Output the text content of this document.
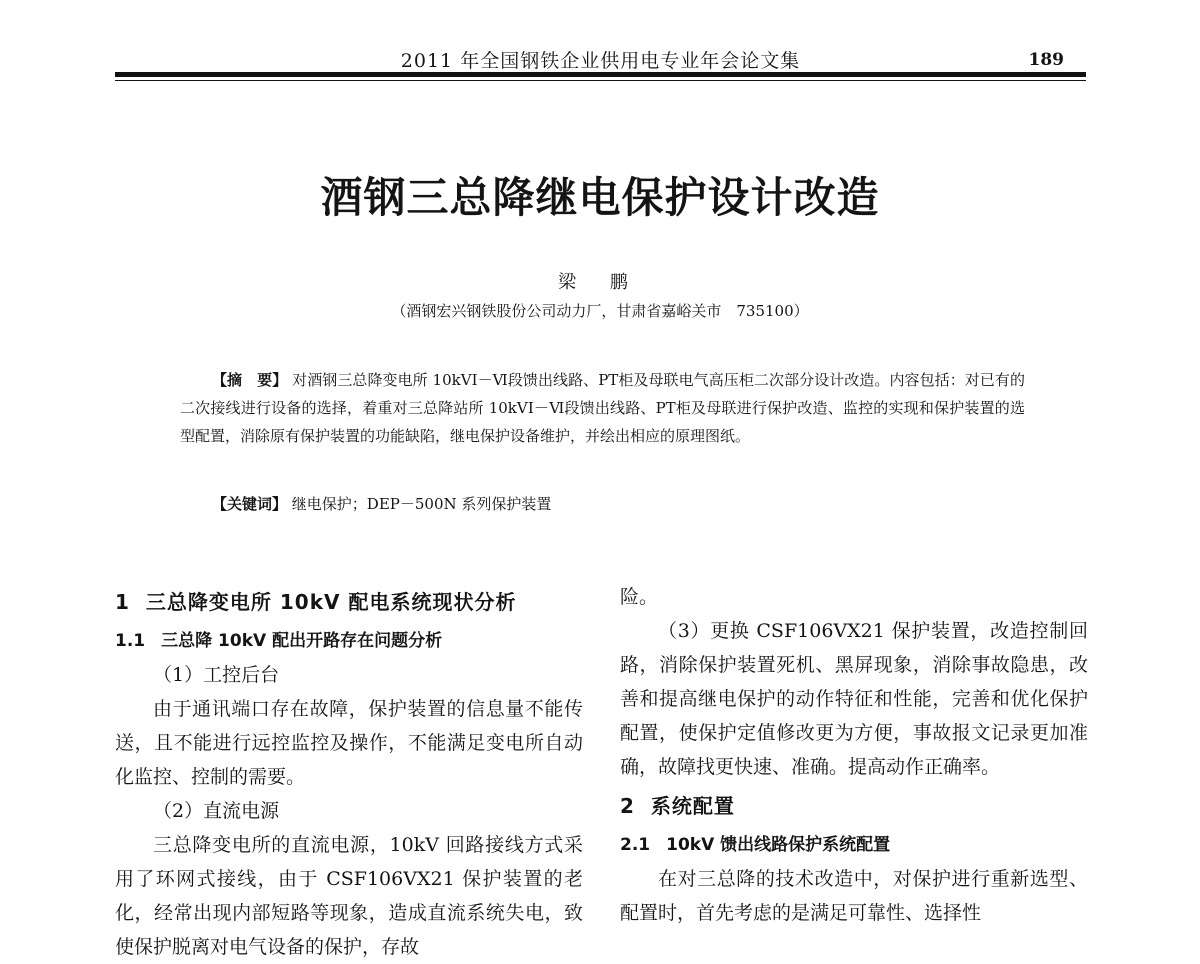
2011 年全国钢铁企业供用电专业年会论文集	189
酒钢三总降继电保护设计改造
梁 鹏
（酒钢宏兴钢铁股份公司动力厂，甘肃省嘉峪关市　735100）
【摘　要】 对酒钢三总降变电所 10kVⅠ－Ⅵ段馈出线路、PT柜及母联电气高压柜二次部分设计改造。内容包括：对已有的二次接线进行设备的选择，着重对三总降站所 10kVⅠ－Ⅵ段馈出线路、PT柜及母联进行保护改造、监控的实现和保护装置的选型配置，消除原有保护装置的功能缺陷，继电保护设备维护，并绘出相应的原理图纸。
【关键词】 继电保护；DEP－500N 系列保护装置
1 三总降变电所 10kV 配电系统现状分析
1.1 三总降 10kV 配出开路存在问题分析

（1）工控后台

由于通讯端口存在故障，保护装置的信息量不能传送，且不能进行远控监控及操作，不能满足变电所自动化监控、控制的需要。

（2）直流电源

三总降变电所的直流电源，10kV 回路接线方式采用了环网式接线，由于 CSF106VX21 保护装置的老化，经常出现内部短路等现象，造成直流系统失电，致使保护脱离对电气设备的保护，存故

险。

（3）更换 CSF106VX21 保护装置，改造控制回路，消除保护装置死机、黑屏现象，消除事故隐患，改善和提高继电保护的动作特征和性能，完善和优化保护配置，使保护定值修改更为方便，事故报文记录更加准确，故障找更快速、准确。提高动作正确率。

2 系统配置
2.1 10kV 馈出线路保护系统配置

在对三总降的技术改造中，对保护进行重新选型、配置时，首先考虑的是满足可靠性、选择性
